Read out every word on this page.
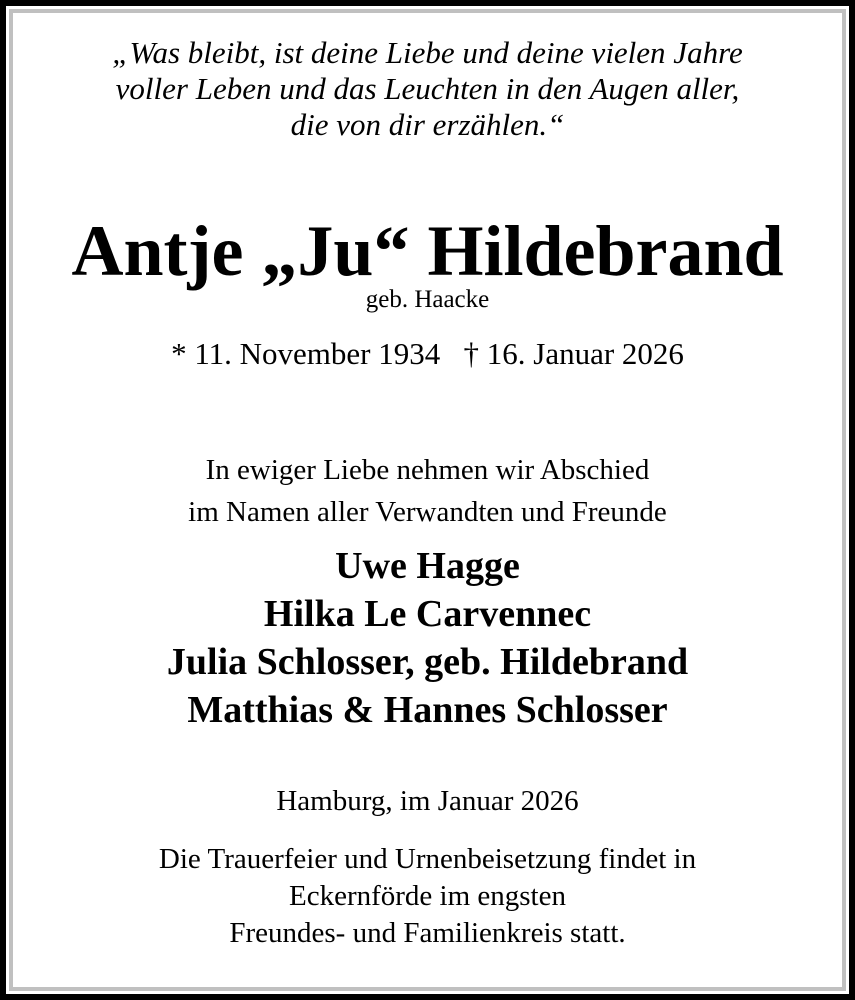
„Was bleibt, ist deine Liebe und deine vielen Jahre
voller Leben und das Leuchten in den Augen aller,
die von dir erzählen.“
Antje „Ju“ Hildebrand
geb. Haacke
* 11. November 1934   † 16. Januar 2026
In ewiger Liebe nehmen wir Abschied
im Namen aller Verwandten und Freunde
Uwe Hagge
Hilka Le Carvennec
Julia Schlosser, geb. Hildebrand
Matthias & Hannes Schlosser
Hamburg, im Januar 2026
Die Trauerfeier und Urnenbeisetzung findet in
Eckernförde im engsten
Freundes- und Familienkreis statt.
